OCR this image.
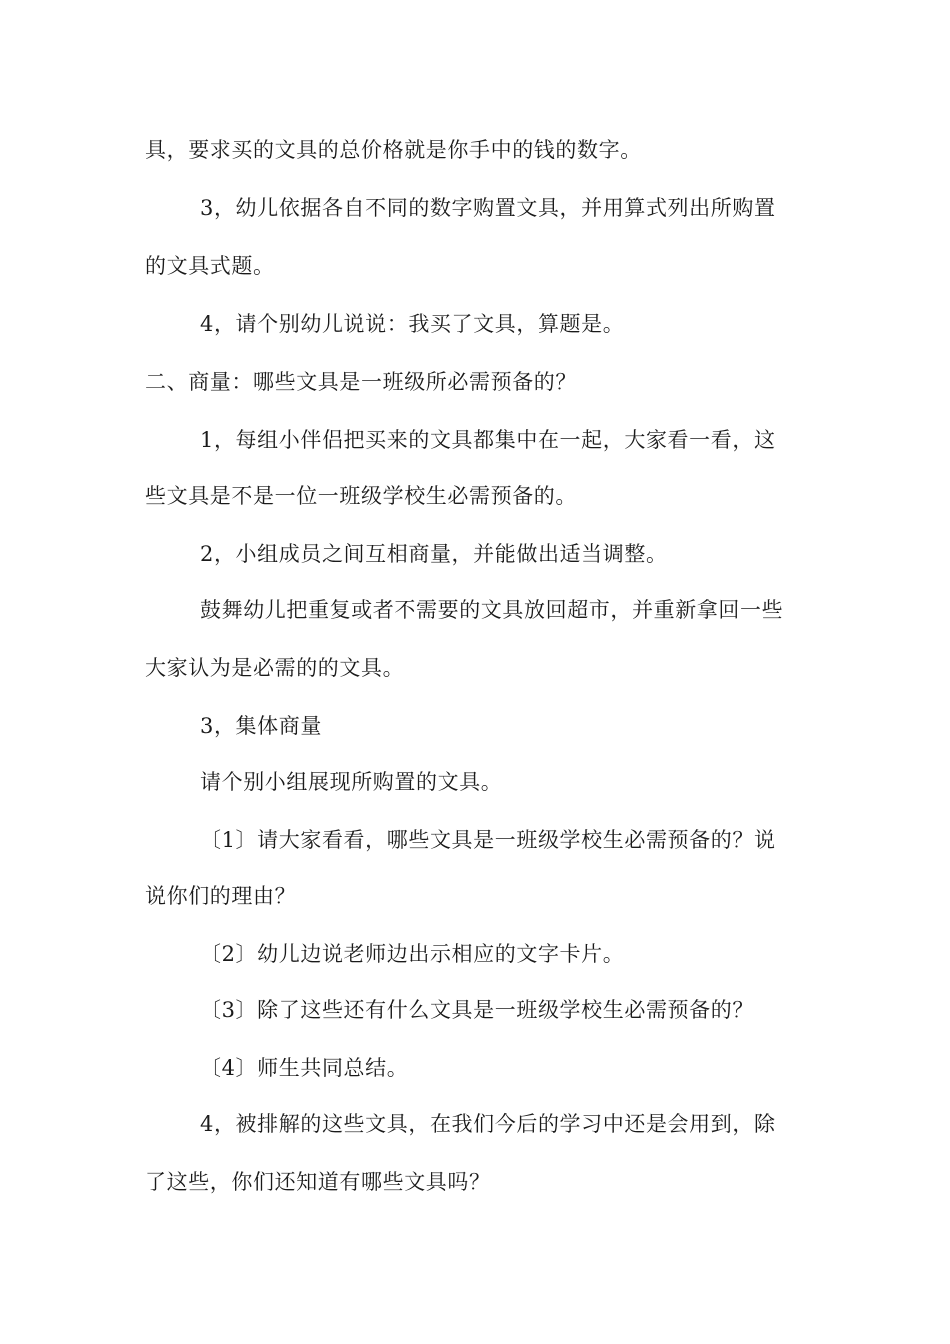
具，要求买的文具的总价格就是你手中的钱的数字。
3，幼儿依据各自不同的数字购置文具，并用算式列出所购置
的文具式题。
4，请个别幼儿说说：我买了文具，算题是。
二、商量：哪些文具是一班级所必需预备的？
1，每组小伴侣把买来的文具都集中在一起，大家看一看，这
些文具是不是一位一班级学校生必需预备的。
2，小组成员之间互相商量，并能做出适当调整。
鼓舞幼儿把重复或者不需要的文具放回超市，并重新拿回一些
大家认为是必需的的文具。
3，集体商量
请个别小组展现所购置的文具。
〔1〕请大家看看，哪些文具是一班级学校生必需预备的？说
说你们的理由？
〔2〕幼儿边说老师边出示相应的文字卡片。
〔3〕除了这些还有什么文具是一班级学校生必需预备的？
〔4〕师生共同总结。
4，被排解的这些文具，在我们今后的学习中还是会用到，除
了这些，你们还知道有哪些文具吗？
